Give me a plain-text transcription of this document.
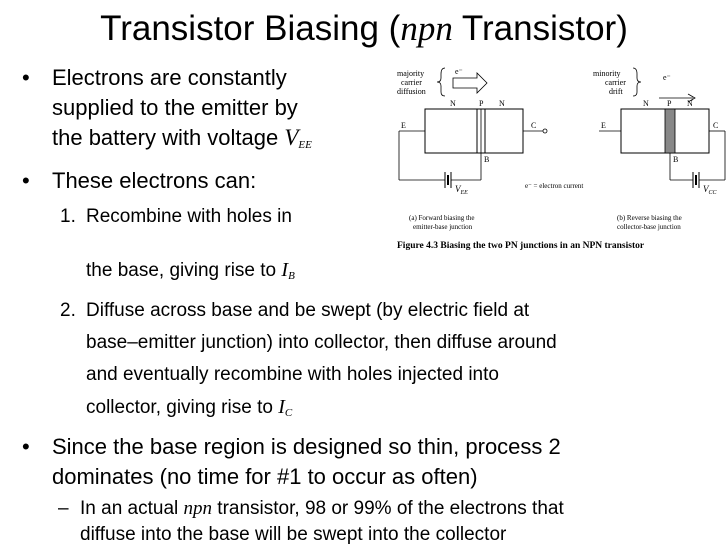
Transistor Biasing (npn Transistor)
• Electrons are constantly
supplied to the emitter by
the battery with voltage VEE
• These electrons can:
1. Recombine with holes in
the base, giving rise to IB
2. Diffuse across base and be swept (by electric field at
base–emitter junction) into collector, then diffuse around
and eventually recombine with holes injected into
collector, giving rise to IC
• Since the base region is designed so thin, process 2
dominates (no time for #1 to occur as often)
– In an actual npn transistor, 98 or 99% of the electrons that
diffuse into the base will be swept into the collector
majority
carrier
diffusion
e⁻
N	P N
E	C
B
$V_{EE}$
(a) Forward biasing the
emitter-base junction
e⁻ = electron current
minority
carrier
drift
e⁻
N P N
E	C
B
$V_{CC}$
(b) Reverse biasing the
collector-base junction
Figure 4.3 Biasing the two PN junctions in an NPN transistor
